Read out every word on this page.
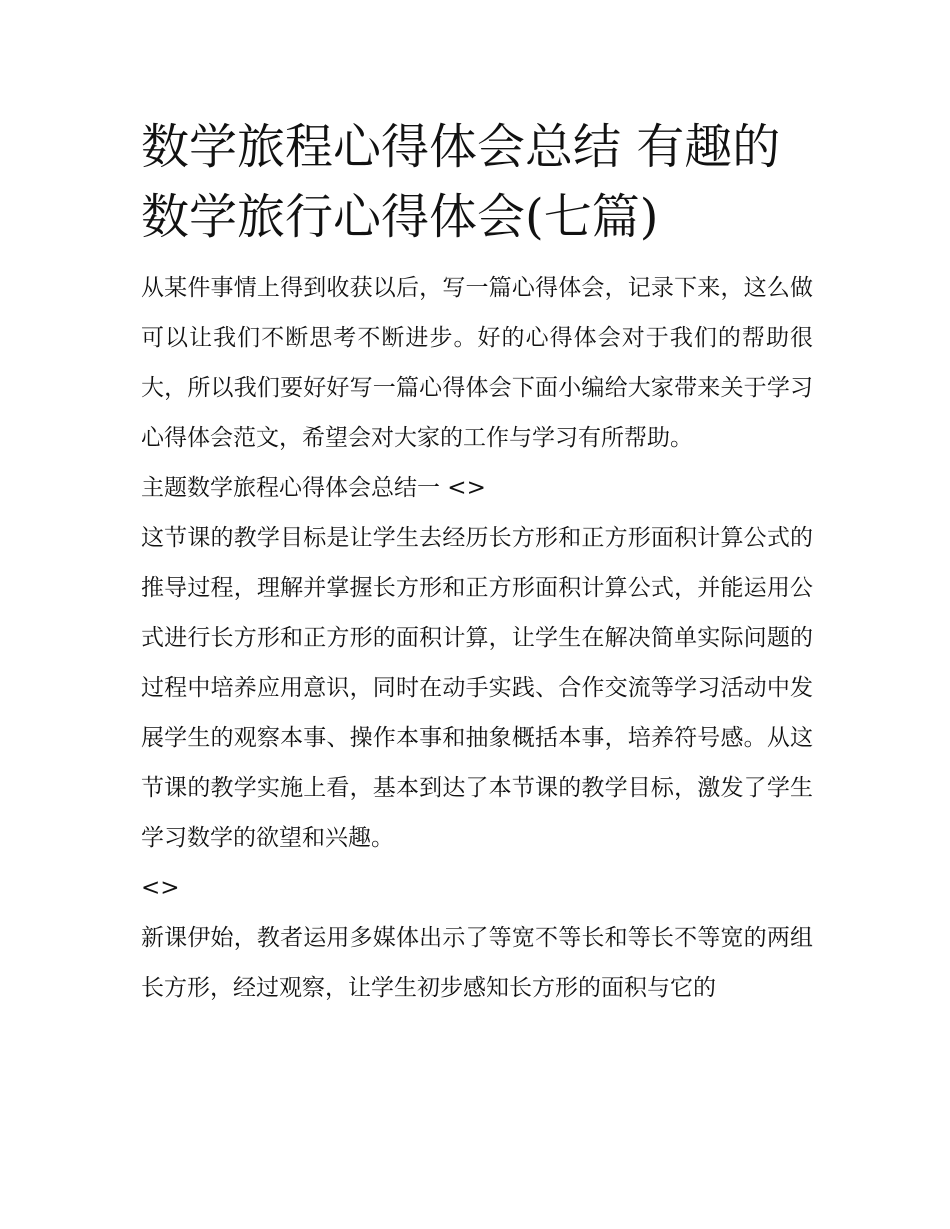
数学旅程心得体会总结 有趣的数学旅行心得体会(七篇)

从某件事情上得到收获以后，写一篇心得体会，记录下来，这么做可以让我们不断思考不断进步。好的心得体会对于我们的帮助很大，所以我们要好好写一篇心得体会下面小编给大家带来关于学习心得体会范文，希望会对大家的工作与学习有所帮助。

主题数学旅程心得体会总结一 <>

这节课的教学目标是让学生去经历长方形和正方形面积计算公式的推导过程，理解并掌握长方形和正方形面积计算公式，并能运用公式进行长方形和正方形的面积计算，让学生在解决简单实际问题的过程中培养应用意识，同时在动手实践、合作交流等学习活动中发展学生的观察本事、操作本事和抽象概括本事，培养符号感。从这节课的教学实施上看，基本到达了本节课的教学目标，激发了学生学习数学的欲望和兴趣。

<>

新课伊始，教者运用多媒体出示了等宽不等长和等长不等宽的两组长方形，经过观察，让学生初步感知长方形的面积与它的
